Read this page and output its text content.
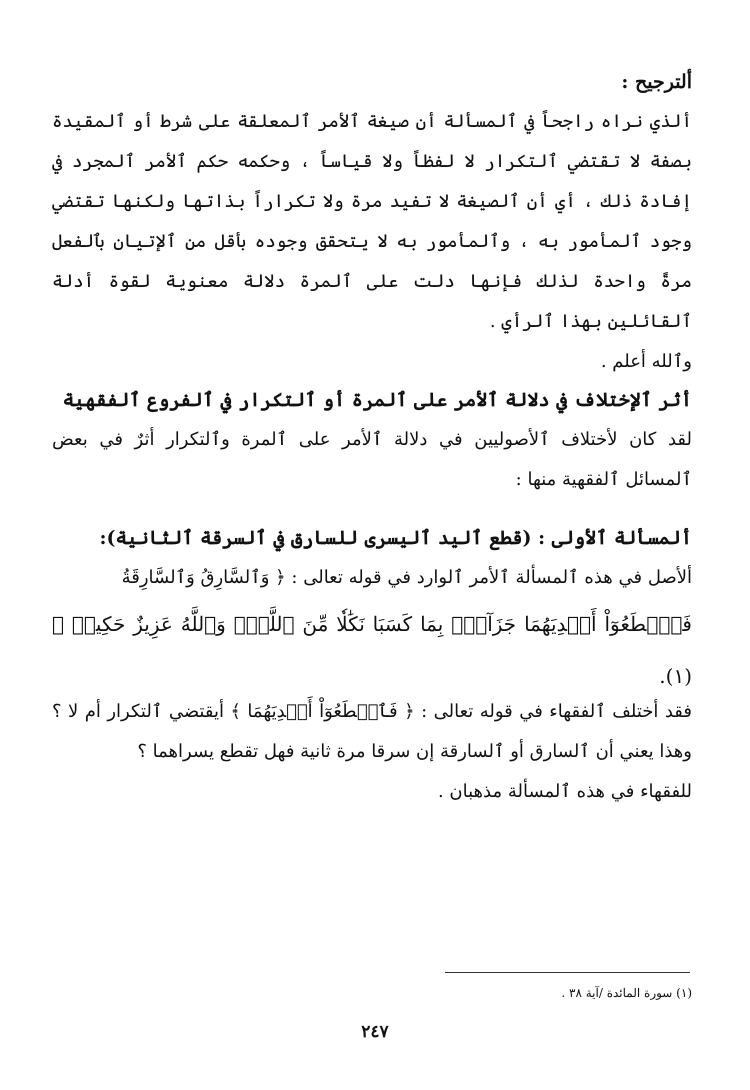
ألترجيح :
ألذي نراه راجحاً في ٱلمسألة أن صيغة ٱلأمر ٱلمعلقة على شرط أو ٱلمقيدة بصفة لا تقتضي ٱلتكرار لا لفظاً ولا قياساً ، وحكمه حكم ٱلأمر ٱلمجرد في إفادة ذلك ، أي أن ٱلصيغة لا تفيد مرة ولا تكراراً بذاتها ولكنها تقتضي وجود ٱلمأمور به ، وٱلمأمور به لا يتحقق وجوده بأقل من ٱلإتيان بٱلفعل مرةً واحدة لذلك فإنها دلت على ٱلمرة دلالة معنوية لقوة أدلة ٱلقائلين بهذا ٱلرأي .
وٱلله أعلم .
أثر ٱلإختلاف في دلالة ٱلأمر على ٱلمرة أو ٱلتكرار في ٱلفروع ٱلفقهية
لقد كان لأختلاف ٱلأصوليين في دلالة ٱلأمر على ٱلمرة وٱلتكرار أثرٌ في بعض ٱلمسائل ٱلفقهية منها :
ألمسألة ٱلأولى : (قطع ٱليد ٱليسرى للسارق في ٱلسرقة ٱلثانية):
ألأصل في هذه ٱلمسألة ٱلأمر ٱلوارد في قوله تعالى : ﴿ وَٱلسَّارِقُ وَٱلسَّارِقَةُ
فَٱقۡطَعُوٓاْ أَيۡدِيَهُمَا جَزَآءَۢ بِمَا كَسَبَا نَكَٰلٗا مِّنَ ٱللَّهِۗ وَٱللَّهُ عَزِيزٌ حَكِيمٞ ﴾ (١).
فقد أختلف ٱلفقهاء في قوله تعالى : ﴿ فَٱقۡطَعُوٓاْ أَيۡدِيَهُمَا ﴾ أيقتضي ٱلتكرار أم لا ؟ وهذا يعني أن ٱلسارق أو ٱلسارقة إن سرقا مرة ثانية فهل تقطع يسراهما ؟
للفقهاء في هذه ٱلمسألة مذهبان .
(١) سورة المائدة /آية ٣٨ .
٢٤٧
